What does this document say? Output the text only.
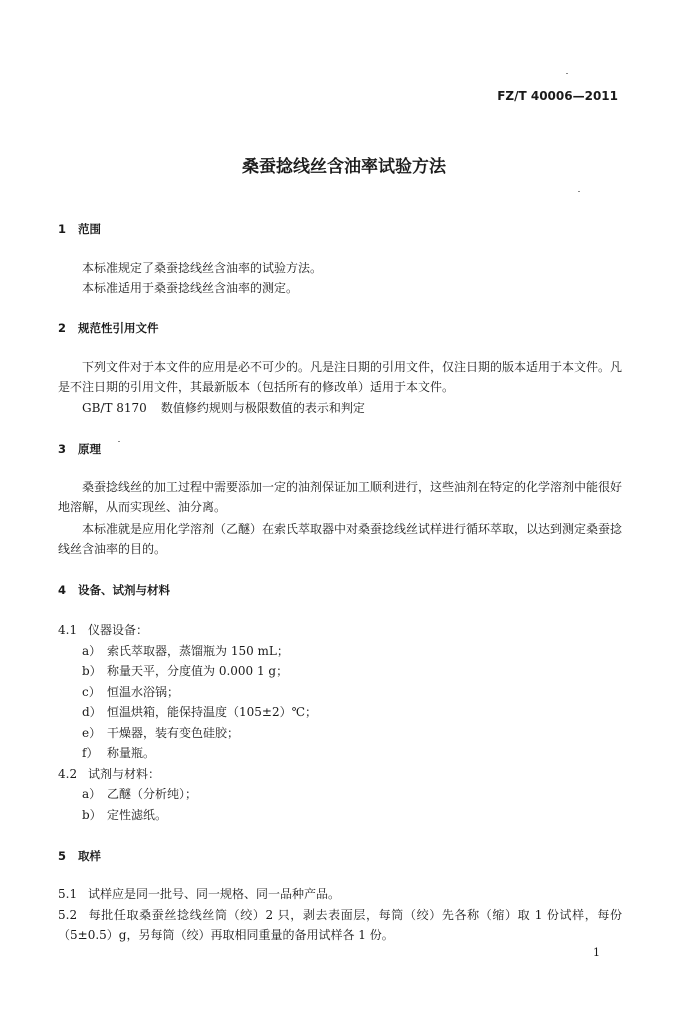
FZ/T 40006—2011
桑蚕捻线丝含油率试验方法
1 范围
本标准规定了桑蚕捻线丝含油率的试验方法。
本标准适用于桑蚕捻线丝含油率的测定。
2 规范性引用文件
下列文件对于本文件的应用是必不可少的。凡是注日期的引用文件，仅注日期的版本适用于本文件。凡是不注日期的引用文件，其最新版本（包括所有的修改单）适用于本文件。
GB/T 8170 数值修约规则与极限数值的表示和判定
3 原理
桑蚕捻线丝的加工过程中需要添加一定的油剂保证加工顺利进行，这些油剂在特定的化学溶剂中能很好地溶解，从而实现丝、油分离。
本标准就是应用化学溶剂（乙醚）在索氏萃取器中对桑蚕捻线丝试样进行循环萃取，以达到测定桑蚕捻线丝含油率的目的。
4 设备、试剂与材料
4.1 仪器设备：
a） 索氏萃取器，蒸馏瓶为 150 mL；
b） 称量天平，分度值为 0.000 1 g；
c） 恒温水浴锅；
d） 恒温烘箱，能保持温度（105±2）℃；
e） 干燥器，装有变色硅胶；
f） 称量瓶。
4.2 试剂与材料：
a） 乙醚（分析纯）；
b） 定性滤纸。
5 取样
5.1 试样应是同一批号、同一规格、同一品种产品。
5.2 每批任取桑蚕丝捻线丝筒（绞）2 只，剥去表面层，每筒（绞）先各称（缩）取 1 份试样，每份（5±0.5）g，另每筒（绞）再取相同重量的备用试样各 1 份。
1
